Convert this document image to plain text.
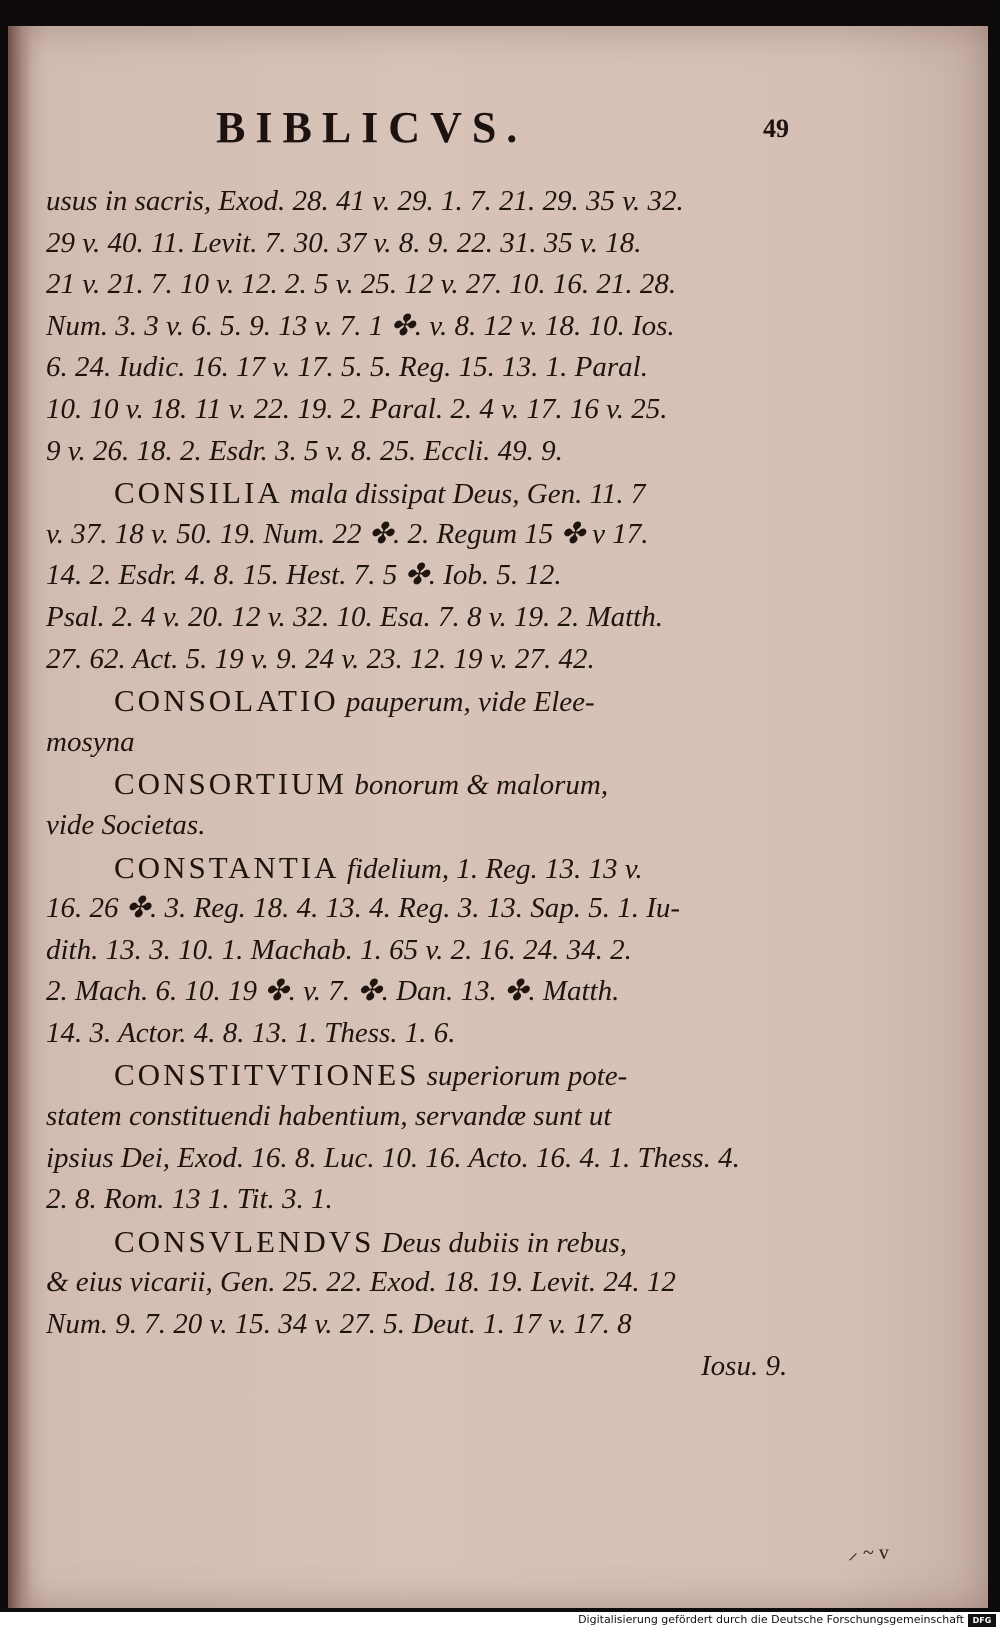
BIBLICVS.	49
usus in sacris, Exod. 28. 41 v. 29. 1. 7. 21. 29. 35 v. 32.
29 v. 40. 11. Levit. 7. 30. 37 v. 8. 9. 22. 31. 35 v. 18.
21 v. 21. 7. 10 v. 12. 2. 5 v. 25. 12 v. 27. 10. 16. 21. 28.
Num. 3. 3 v. 6. 5. 9. 13 v. 7. 1 ✤. v. 8. 12 v. 18. 10. Ios.
6. 24. Iudic. 16. 17 v. 17. 5. 5. Reg. 15. 13. 1. Paral.
10. 10 v. 18. 11 v. 22. 19. 2. Paral. 2. 4 v. 17. 16 v. 25.
9 v. 26. 18. 2. Esdr. 3. 5 v. 8. 25. Eccli. 49. 9.
CONSILIA mala dissipat Deus, Gen. 11. 7
v. 37. 18 v. 50. 19. Num. 22 ✤. 2. Regum 15 ✤ v 17.
14. 2. Esdr. 4. 8. 15. Hest. 7. 5 ✤. Iob. 5. 12.
Psal. 2. 4 v. 20. 12 v. 32. 10. Esa. 7. 8 v. 19. 2. Matth.
27. 62. Act. 5. 19 v. 9. 24 v. 23. 12. 19 v. 27. 42.
CONSOLATIO pauperum, vide Elee-
mosyna
CONSORTIUM bonorum & malorum,
vide Societas.
CONSTANTIA fidelium, 1. Reg. 13. 13 v.
16. 26 ✤. 3. Reg. 18. 4. 13. 4. Reg. 3. 13. Sap. 5. 1. Iu-
dith. 13. 3. 10. 1. Machab. 1. 65 v. 2. 16. 24. 34. 2.
2. Mach. 6. 10. 19 ✤. v. 7. ✤. Dan. 13. ✤. Matth.
14. 3. Actor. 4. 8. 13. 1. Thess. 1. 6.
CONSTITVTIONES superiorum pote-
statem constituendi habentium, servandæ sunt ut
ipsius Dei, Exod. 16. 8. Luc. 10. 16. Acto. 16. 4. 1. Thess. 4.
2. 8. Rom. 13 1. Tit. 3. 1.
CONSVLENDVS Deus dubiis in rebus,
& eius vicarii, Gen. 25. 22. Exod. 18. 19. Levit. 24. 12
Num. 9. 7. 20 v. 15. 34 v. 27. 5. Deut. 1. 17 v. 17. 8
Iosu. 9.
⸝ ~ v
Digitalisierung gefördert durch die Deutsche Forschungsgemeinschaft	DFG
